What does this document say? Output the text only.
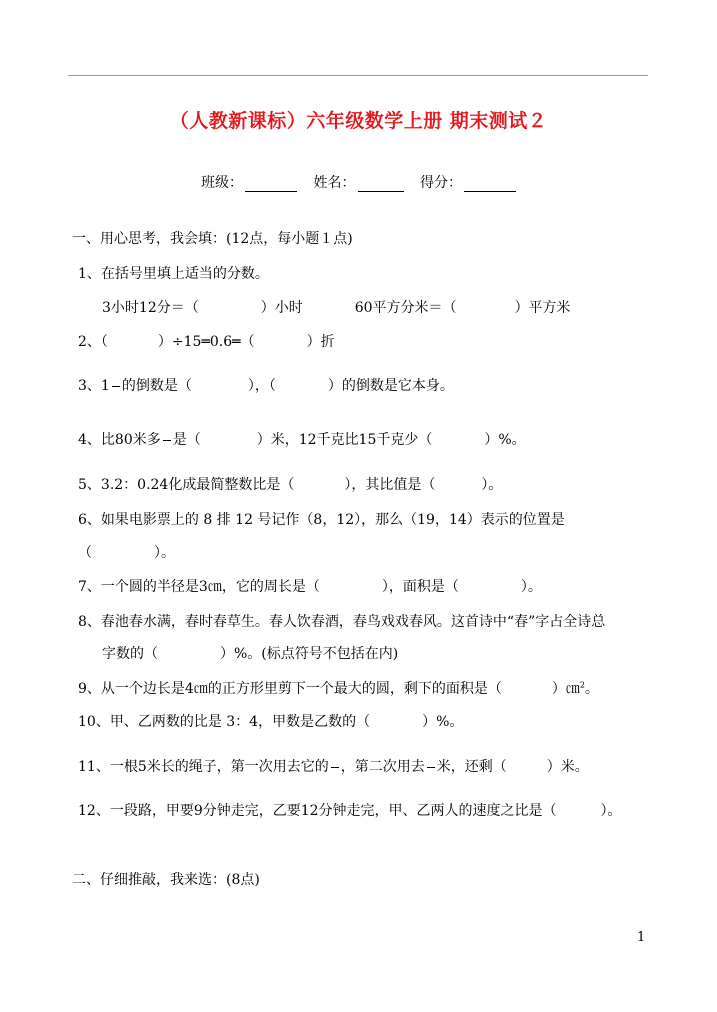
（人教新课标）六年级数学上册 期末测试２
班级：	姓名：	得分：
一、用心思考，我会填：(12点，每小题１点)
1、在括号里填上适当的分数。
3小时12分＝（	）小时	60平方分米＝（	）平方米
2、（	）÷15═0.6═（	）折
3、1 的倒数是（	），（	）的倒数是它本身。
4、比80米多 是（	）米，12千克比15千克少（	）%。
5、3.2：0.24化成最简整数比是（	），其比值是（	）。
6、如果电影票上的 8 排 12 号记作（8，12），那么（19，14）表示的位置是
（	）。
7、一个圆的半径是3㎝，它的周长是（	），面积是（	）。
8、春池春水满，春时春草生。春人饮春酒，春鸟戏戏春风。这首诗中“春”字占全诗总
字数的（	）%。(标点符号不包括在内)
9、从一个边长是4㎝的正方形里剪下一个最大的圆，剩下的面积是（	）㎝$^2$。
10、甲、乙两数的比是 3：4，甲数是乙数的（	）%。
11、一根5米长的绳子，第一次用去它的 ，第二次用去 米，还剩（	）米。
12、一段路，甲要9分钟走完，乙要12分钟走完，甲、乙两人的速度之比是（	）。
二、仔细推敲，我来选：(8点)
1
